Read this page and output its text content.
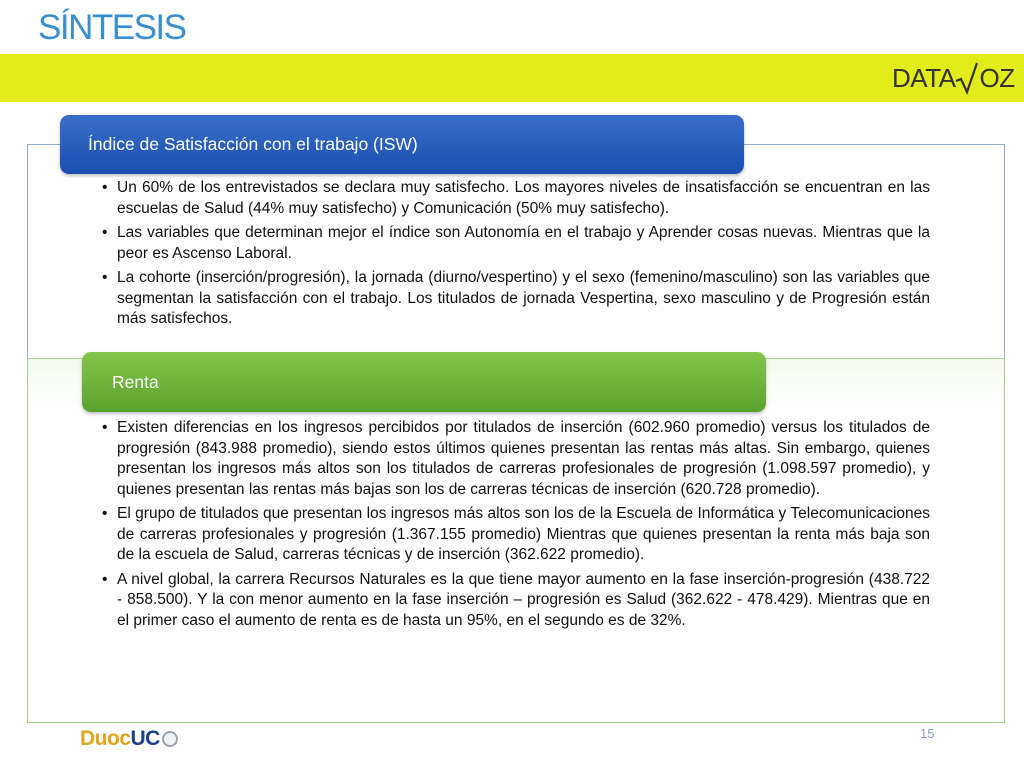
SÍNTESIS
DATA OZ
Índice de Satisfacción con el trabajo (ISW)
• Un 60% de los entrevistados se declara muy satisfecho. Los mayores niveles de insatisfacción se encuentran en las escuelas de Salud (44% muy satisfecho) y Comunicación (50% muy satisfecho).
• Las variables que determinan mejor el índice son Autonomía en el trabajo y Aprender cosas nuevas. Mientras que la peor es Ascenso Laboral.
• La cohorte (inserción/progresión), la jornada (diurno/vespertino) y el sexo (femenino/masculino) son las variables que segmentan la satisfacción con el trabajo. Los titulados de jornada Vespertina, sexo masculino y de Progresión están más satisfechos.
Renta
• Existen diferencias en los ingresos percibidos por titulados de inserción (602.960 promedio) versus los titulados de progresión (843.988 promedio), siendo estos últimos quienes presentan las rentas más altas. Sin embargo, quienes presentan los ingresos más altos son los titulados de carreras profesionales de progresión (1.098.597 promedio), y quienes presentan las rentas más bajas son los de carreras técnicas de inserción (620.728 promedio).
• El grupo de titulados que presentan los ingresos más altos son los de la Escuela de Informática y Telecomunicaciones de carreras profesionales y progresión (1.367.155 promedio) Mientras que quienes presentan la renta más baja son de la escuela de Salud, carreras técnicas y de inserción (362.622 promedio).
• A nivel global, la carrera Recursos Naturales es la que tiene mayor aumento en la fase inserción-progresión (438.722 - 858.500). Y la con menor aumento en la fase inserción – progresión es Salud (362.622 - 478.429). Mientras que en el primer caso el aumento de renta es de hasta un 95%, en el segundo es de 32%.
Duoc UC	15
